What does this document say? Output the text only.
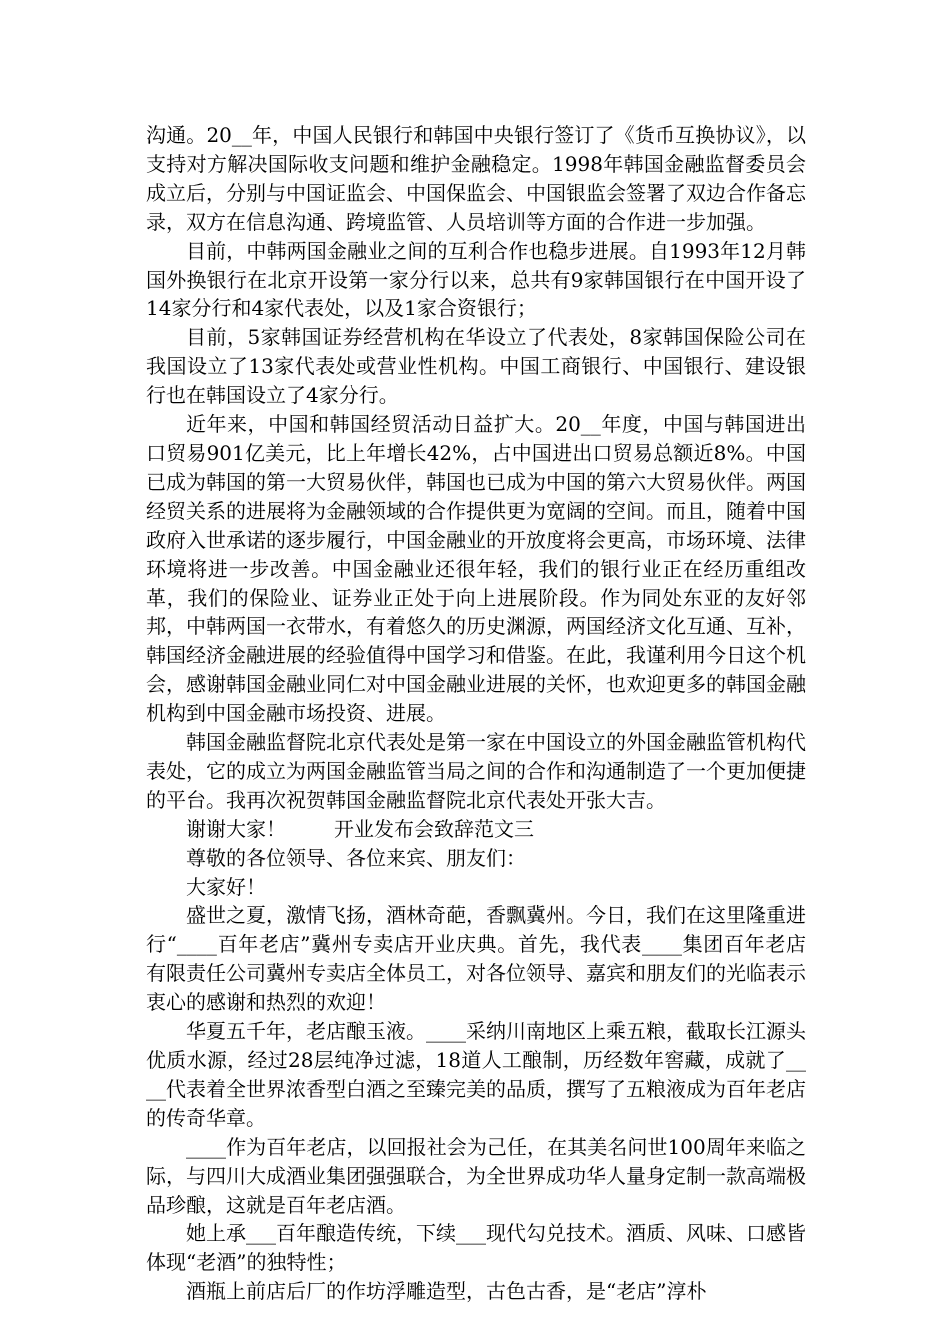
沟通。20__年，中国人民银行和韩国中央银行签订了《货币互换协议》，以支持对方解决国际收支问题和维护金融稳定。1998年韩国金融监督委员会成立后，分别与中国证监会、中国保监会、中国银监会签署了双边合作备忘录，双方在信息沟通、跨境监管、人员培训等方面的合作进一步加强。

目前，中韩两国金融业之间的互利合作也稳步进展。自1993年12月韩国外换银行在北京开设第一家分行以来，总共有9家韩国银行在中国开设了14家分行和4家代表处，以及1家合资银行；

目前，5家韩国证券经营机构在华设立了代表处，8家韩国保险公司在我国设立了13家代表处或营业性机构。中国工商银行、中国银行、建设银行也在韩国设立了4家分行。

近年来，中国和韩国经贸活动日益扩大。20__年度，中国与韩国进出口贸易901亿美元，比上年增长42%，占中国进出口贸易总额近8%。中国已成为韩国的第一大贸易伙伴，韩国也已成为中国的第六大贸易伙伴。两国经贸关系的进展将为金融领域的合作提供更为宽阔的空间。而且，随着中国政府入世承诺的逐步履行，中国金融业的开放度将会更高，市场环境、法律环境将进一步改善。中国金融业还很年轻，我们的银行业正在经历重组改革，我们的保险业、证券业正处于向上进展阶段。作为同处东亚的友好邻邦，中韩两国一衣带水，有着悠久的历史渊源，两国经济文化互通、互补，韩国经济金融进展的经验值得中国学习和借鉴。在此，我谨利用今日这个机会，感谢韩国金融业同仁对中国金融业进展的关怀，也欢迎更多的韩国金融机构到中国金融市场投资、进展。

韩国金融监督院北京代表处是第一家在中国设立的外国金融监管机构代表处，它的成立为两国金融监管当局之间的合作和沟通制造了一个更加便捷的平台。我再次祝贺韩国金融监督院北京代表处开张大吉。

谢谢大家！ 开业发布会致辞范文三

尊敬的各位领导、各位来宾、朋友们：

大家好！

盛世之夏，激情飞扬，酒林奇葩，香飘冀州。今日，我们在这里隆重进行“____百年老店”冀州专卖店开业庆典。首先，我代表____集团百年老店有限责任公司冀州专卖店全体员工，对各位领导、嘉宾和朋友们的光临表示衷心的感谢和热烈的欢迎！

华夏五千年，老店酿玉液。____采纳川南地区上乘五粮，截取长江源头优质水源，经过28层纯净过滤，18道人工酿制，历经数年窖藏，成就了____代表着全世界浓香型白酒之至臻完美的品质，撰写了五粮液成为百年老店的传奇华章。

____作为百年老店，以回报社会为己任，在其美名问世100周年来临之际，与四川大成酒业集团强强联合，为全世界成功华人量身定制一款高端极品珍酿，这就是百年老店酒。

她上承___百年酿造传统，下续___现代勾兑技术。酒质、风味、口感皆体现“老酒”的独特性；

酒瓶上前店后厂的作坊浮雕造型，古色古香，是“老店”淳朴
